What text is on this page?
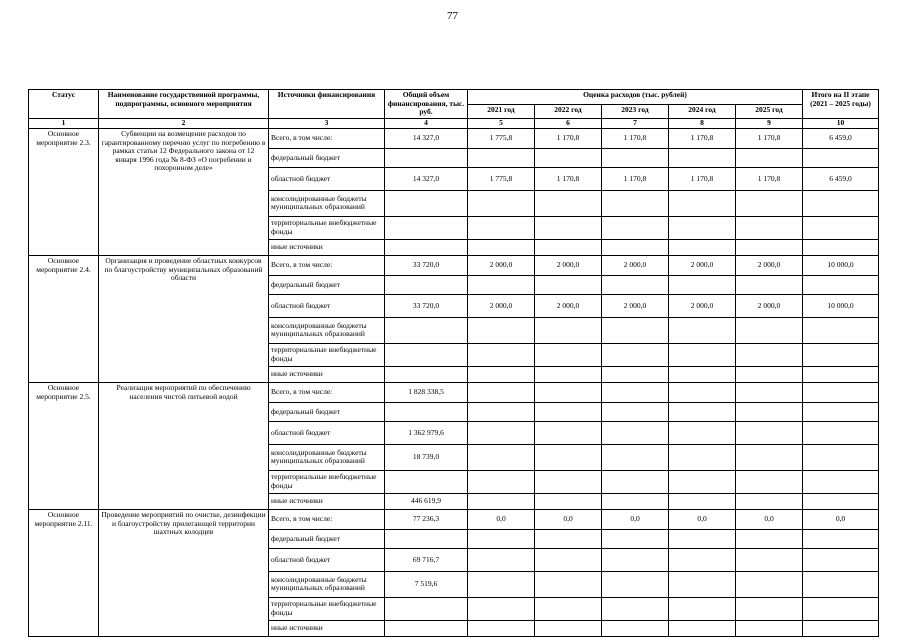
77
Статус	Наименование государственной программы, подпрограммы, основного мероприятия	Источники финансирования	Общий объем финансирования, тыс. руб.	Оценка расходов (тыс. рублей)					Итого на II этапе (2021 – 2025 годы)
				2021 год	2022 год	2023 год	2024 год	2025 год	
1	2	3	4	5	6	7	8	9	10
Основное мероприятие 2.3.	Субвенции на возмещение расходов по гарантированному перечню услуг по погребению в рамках статьи 12 Федерального закона от 12 января 1996 года № 8-ФЗ «О погребении и похоронном деле»	Всего, в том числе:	14 327,0	1 775,8	1 170,8	1 170,8	1 170,8	1 170,8	6 459,0
		федеральный бюджет							
		областной бюджет	14 327,0	1 775,8	1 170,8	1 170,8	1 170,8	1 170,8	6 459,0
		консолидированные бюджеты муниципальных образований							
		территориальные внебюджетные фонды							
		иные источники							
Основное мероприятие 2.4.	Организация и проведение областных конкурсов по благоустройству муниципальных образований области	Всего, в том числе:	33 720,0	2 000,0	2 000,0	2 000,0	2 000,0	2 000,0	10 000,0
		федеральный бюджет							
		областной бюджет	33 720,0	2 000,0	2 000,0	2 000,0	2 000,0	2 000,0	10 000,0
		консолидированные бюджеты муниципальных образований							
		территориальные внебюджетные фонды							
		иные источники							
Основное мероприятие 2.5.	Реализация мероприятий по обеспечению населения чистой питьевой водой	Всего, в том числе:	1 828 338,5						
		федеральный бюджет							
		областной бюджет	1 362 979,6						
		консолидированные бюджеты муниципальных образований	18 739,0						
		территориальные внебюджетные фонды							
		иные источники	446 619,9						
Основное мероприятие 2.11.	Проведение мероприятий по очистке, дезинфекции и благоустройству прилегающей территории шахтных колодцев	Всего, в том числе:	77 236,3	0,0	0,0	0,0	0,0	0,0	0,0
		федеральный бюджет							
		областной бюджет	69 716,7						
		консолидированные бюджеты муниципальных образований	7 519,6						
		территориальные внебюджетные фонды							
		иные источники							
